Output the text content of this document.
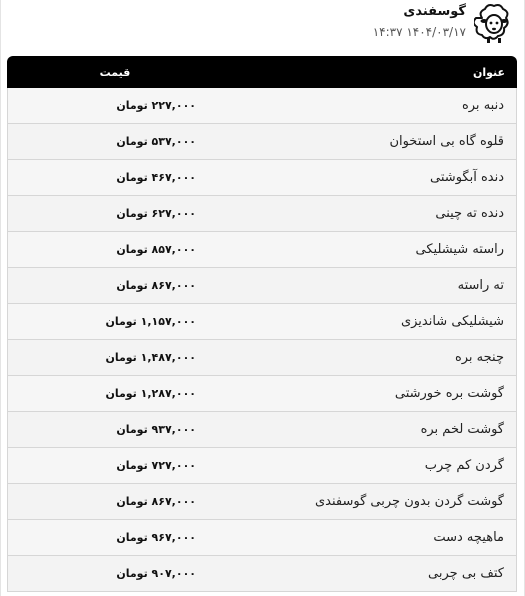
گوسفندی
۱۴۰۴/۰۳/۱۷ ۱۴:۳۷
عنوان
قیمت
دنبه بره
۲۲۷,۰۰۰ تومان
قلوه گاه بی استخوان
۵۳۷,۰۰۰ تومان
دنده آبگوشتی
۴۶۷,۰۰۰ تومان
دنده ته چینی
۶۲۷,۰۰۰ تومان
راسته شیشلیکی
۸۵۷,۰۰۰ تومان
ته راسته
۸۶۷,۰۰۰ تومان
شیشلیکی شاندیزی
۱,۱۵۷,۰۰۰ تومان
چنجه بره
۱,۴۸۷,۰۰۰ تومان
گوشت بره خورشتی
۱,۲۸۷,۰۰۰ تومان
گوشت لخم بره
۹۳۷,۰۰۰ تومان
گردن کم چرب
۷۲۷,۰۰۰ تومان
گوشت گردن بدون چربی گوسفندی
۸۶۷,۰۰۰ تومان
ماهیچه دست
۹۶۷,۰۰۰ تومان
کتف بی چربی
۹۰۷,۰۰۰ تومان
